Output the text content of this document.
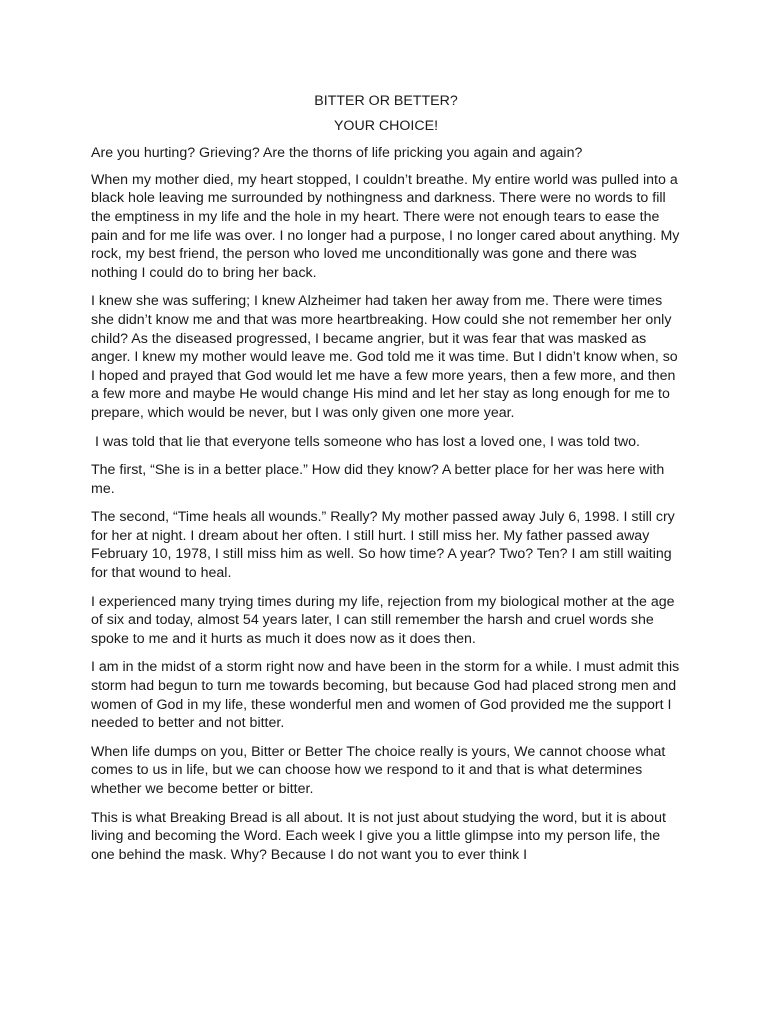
BITTER OR BETTER?
YOUR CHOICE!

Are you hurting? Grieving? Are the thorns of life pricking you again and again?

When my mother died, my heart stopped, I couldn’t breathe. My entire world was pulled into a black hole leaving me surrounded by nothingness and darkness. There were no words to fill the emptiness in my life and the hole in my heart. There were not enough tears to ease the pain and for me life was over. I no longer had a purpose, I no longer cared about anything. My rock, my best friend, the person who loved me unconditionally was gone and there was nothing I could do to bring her back.

I knew she was suffering; I knew Alzheimer had taken her away from me. There were times she didn’t know me and that was more heartbreaking. How could she not remember her only child? As the diseased progressed, I became angrier, but it was fear that was masked as anger. I knew my mother would leave me. God told me it was time. But I didn’t know when, so I hoped and prayed that God would let me have a few more years, then a few more, and then a few more and maybe He would change His mind and let her stay as long enough for me to prepare, which would be never, but I was only given one more year.

I was told that lie that everyone tells someone who has lost a loved one, I was told two.

The first, “She is in a better place.” How did they know? A better place for her was here with me.

The second, “Time heals all wounds.” Really? My mother passed away July 6, 1998. I still cry for her at night. I dream about her often. I still hurt. I still miss her. My father passed away February 10, 1978, I still miss him as well. So how time? A year? Two? Ten? I am still waiting for that wound to heal.

I experienced many trying times during my life, rejection from my biological mother at the age of six and today, almost 54 years later, I can still remember the harsh and cruel words she spoke to me and it hurts as much it does now as it does then.

I am in the midst of a storm right now and have been in the storm for a while. I must admit this storm had begun to turn me towards becoming, but because God had placed strong men and women of God in my life, these wonderful men and women of God provided me the support I needed to better and not bitter.

When life dumps on you, Bitter or Better The choice really is yours, We cannot choose what comes to us in life, but we can choose how we respond to it and that is what determines whether we become better or bitter.

This is what Breaking Bread is all about. It is not just about studying the word, but it is about living and becoming the Word. Each week I give you a little glimpse into my person life, the one behind the mask. Why? Because I do not want you to ever think I
